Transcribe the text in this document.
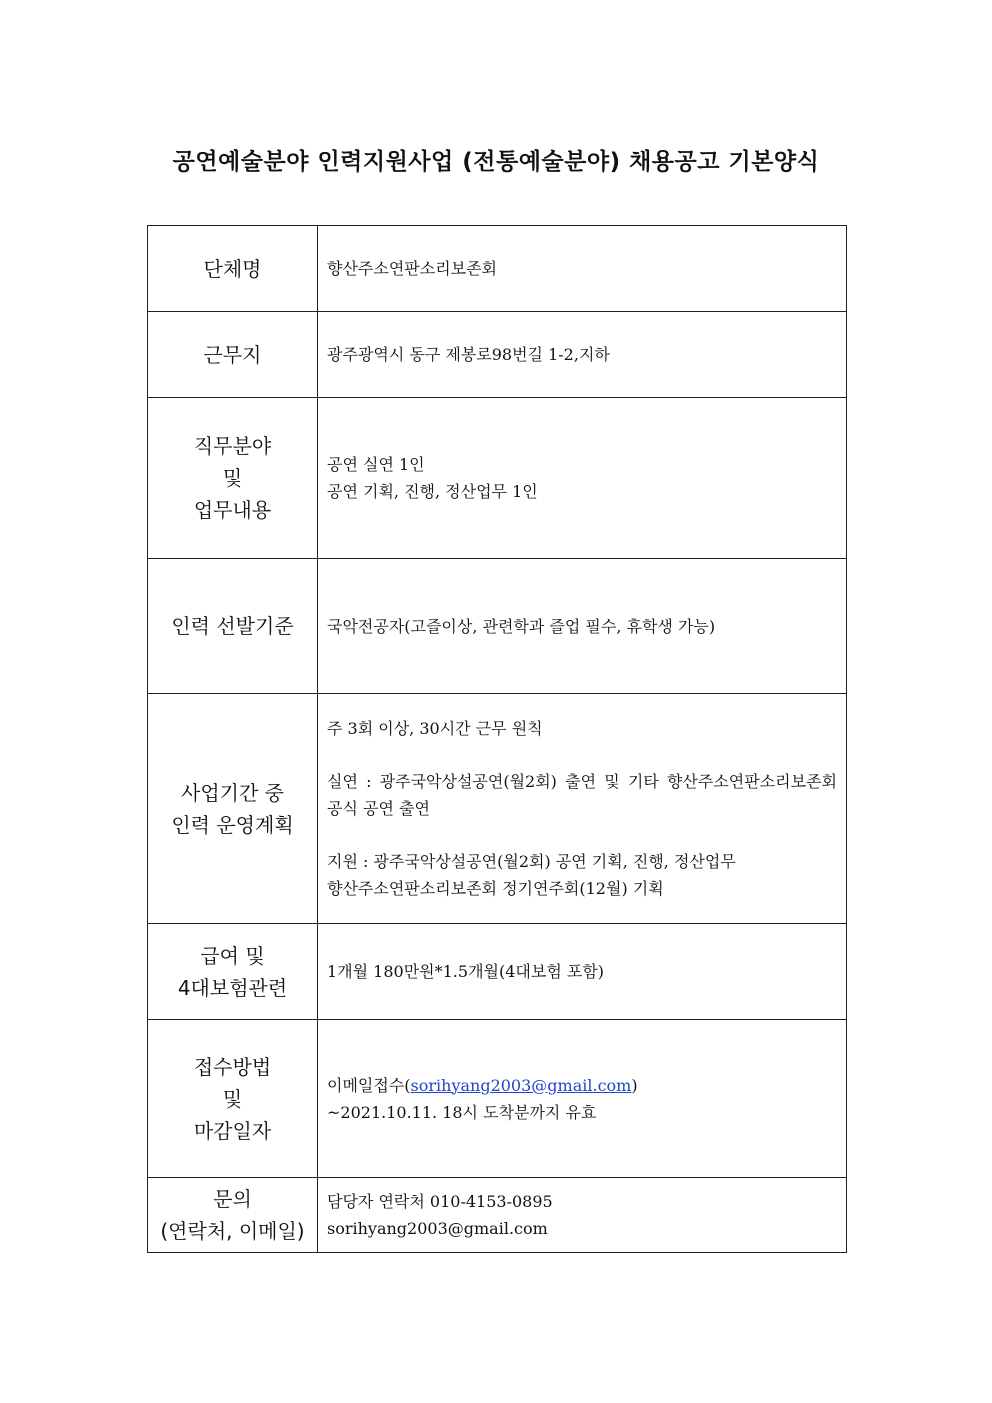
공연예술분야 인력지원사업 (전통예술분야) 채용공고 기본양식
단체명	향산주소연판소리보존회
근무지	광주광역시 동구 제봉로98번길 1-2,지하

직무분야
및
업무내용	공연 실연 1인
공연 기획, 진행, 정산업무 1인

인력 선발기준	국악전공자(고즐이상, 관련학과 즐업 필수, 휴학생 가능)

사업기간 중
인력 운영계획	주 3회 이상, 30시간 근무 원칙
실연 : 광주국악상설공연(월2회) 출연 및 기타 향산주소연판소리보존회 공식 공연 출연
지원 : 광주국악상설공연(월2회) 공연 기획, 진행, 정산업무
향산주소연판소리보존회 정기연주회(12월) 기획

급여 및
4대보험관련	1개월 180만원*1.5개월(4대보험 포함)

접수방법
및
마감일자	이메일접수(sorihyang2003@gmail.com)
~2021.10.11. 18시 도착분까지 유효

문의
(연락처, 이메일)	담당자 연락처 010-4153-0895
sorihyang2003@gmail.com
